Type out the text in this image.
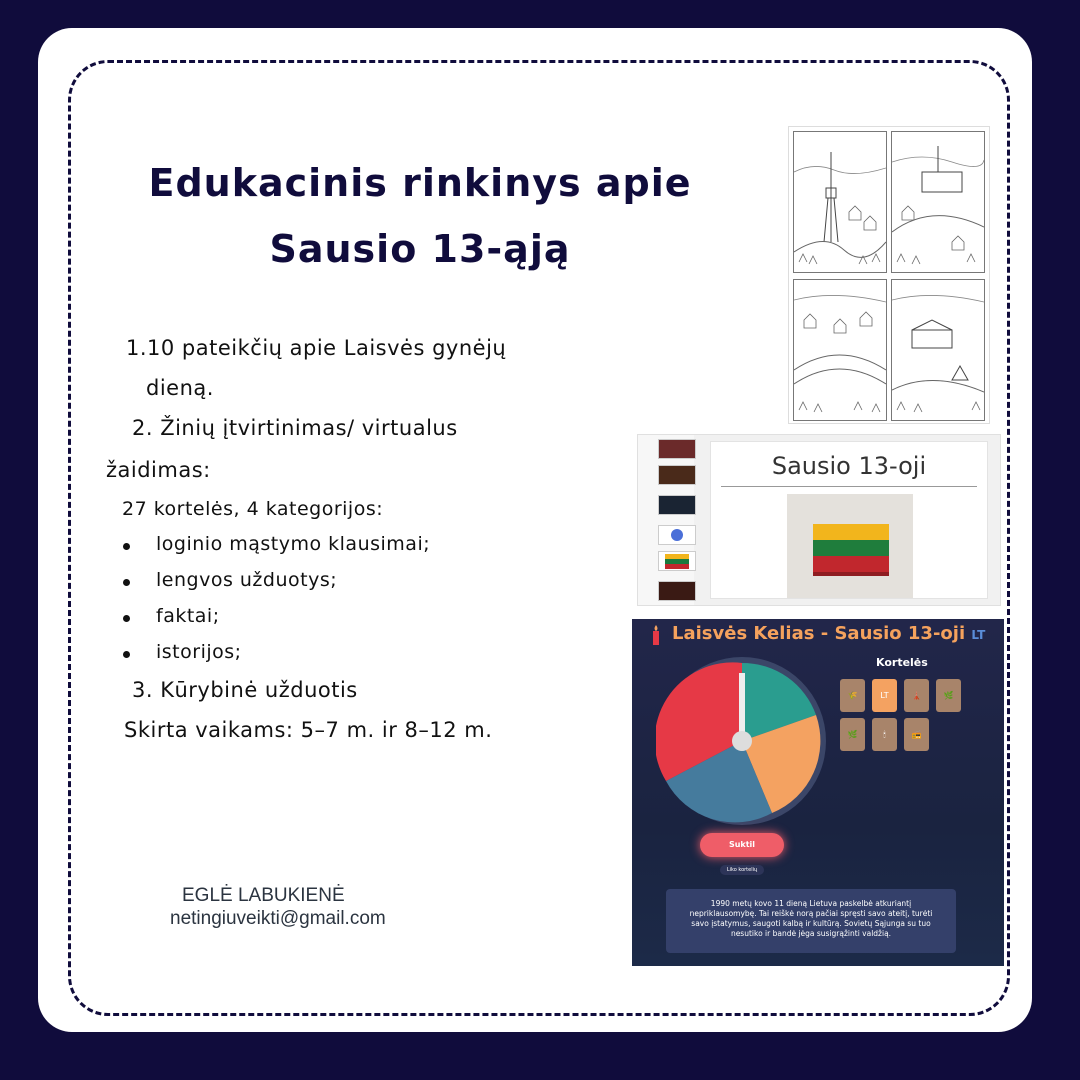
Edukacinis rinkinys apie
Sausio 13-ąją
1.10 pateikčių apie Laisvės gynėjų
dieną.
2. Žinių įtvirtinimas/ virtualus
žaidimas:
27 kortelės, 4 kategorijos:
loginio mąstymo klausimai;
lengvos užduotys;
faktai;
istorijos;
3. Kūrybinė užduotis
Skirta vaikams: 5–7 m. ir 8–12 m.
EGLĖ LABUKIENĖ
netingiuveikti@gmail.com
Sausio 13-oji
Laisvės Kelias - Sausio 13-oji LT
Kortelės
🌾	LT	🗼	🌿
🌿	🕯	📻
Suktil
Liko kortelių
1990 metų kovo 11 dieną Lietuva paskelbė atkuriantį nepriklausomybę. Tai reiškė norą pačiai spręsti savo ateitį, turėti savo įstatymus, saugoti kalbą ir kultūrą. Sovietų Sąjunga su tuo nesutiko ir bandė jėga susigrąžinti valdžią.
